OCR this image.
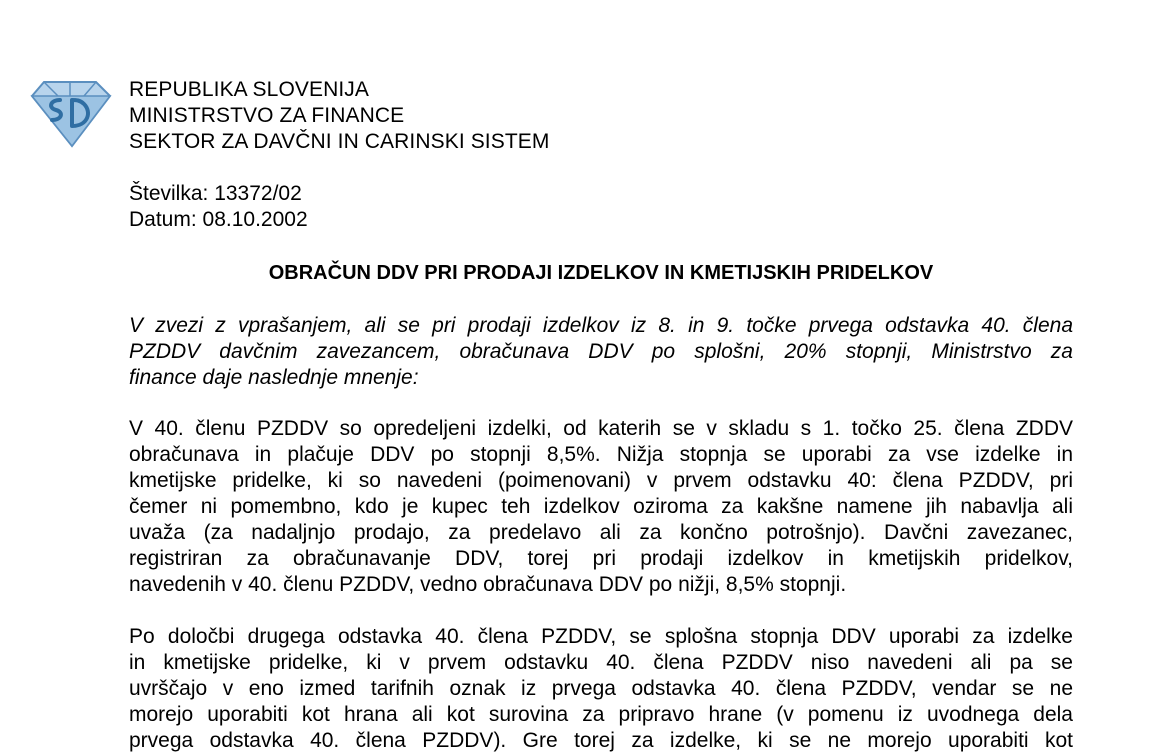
REPUBLIKA SLOVENIJA
MINISTRSTVO ZA FINANCE
SEKTOR ZA DAVČNI IN CARINSKI SISTEM
Številka: 13372/02
Datum: 08.10.2002
OBRAČUN DDV PRI PRODAJI IZDELKOV IN KMETIJSKIH PRIDELKOV
V zvezi z vprašanjem, ali se pri prodaji izdelkov iz 8. in 9. točke prvega odstavka 40. člena
PZDDV davčnim zavezancem, obračunava DDV po splošni, 20% stopnji, Ministrstvo za
finance daje naslednje mnenje:
V 40. členu PZDDV so opredeljeni izdelki, od katerih se v skladu s 1. točko 25. člena ZDDV
obračunava in plačuje DDV po stopnji 8,5%. Nižja stopnja se uporabi za vse izdelke in
kmetijske pridelke, ki so navedeni (poimenovani) v prvem odstavku 40: člena PZDDV, pri
čemer ni pomembno, kdo je kupec teh izdelkov oziroma za kakšne namene jih nabavlja ali
uvaža (za nadaljnjo prodajo, za predelavo ali za končno potrošnjo). Davčni zavezanec,
registriran za obračunavanje DDV, torej pri prodaji izdelkov in kmetijskih pridelkov,
navedenih v 40. členu PZDDV, vedno obračunava DDV po nižji, 8,5% stopnji.
Po določbi drugega odstavka 40. člena PZDDV, se splošna stopnja DDV uporabi za izdelke
in kmetijske pridelke, ki v prvem odstavku 40. člena PZDDV niso navedeni ali pa se
uvrščajo v eno izmed tarifnih oznak iz prvega odstavka 40. člena PZDDV, vendar se ne
morejo uporabiti kot hrana ali kot surovina za pripravo hrane (v pomenu iz uvodnega dela
prvega odstavka 40. člena PZDDV). Gre torej za izdelke, ki se ne morejo uporabiti kot
